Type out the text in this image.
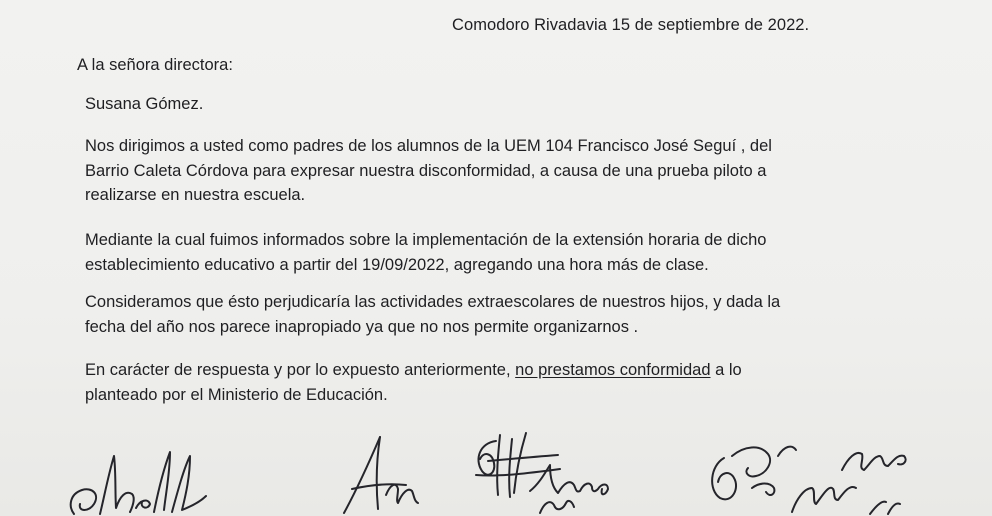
Comodoro Rivadavia 15 de septiembre de 2022.
A la señora directora:
Susana Gómez.
Nos dirigimos a usted como padres de los alumnos de la UEM 104 Francisco José Seguí , del
Barrio Caleta Córdova para expresar nuestra disconformidad, a causa de una prueba piloto a
realizarse en nuestra escuela.
Mediante la cual fuimos informados sobre la implementación de la extensión horaria de dicho
establecimiento educativo a partir del 19/09/2022, agregando una hora más de clase.
Consideramos que ésto perjudicaría las actividades extraescolares de nuestros hijos, y dada la
fecha del año nos parece inapropiado ya que no nos permite organizarnos .
En carácter de respuesta y por lo expuesto anteriormente, no prestamos conformidad a lo
planteado por el Ministerio de Educación.
